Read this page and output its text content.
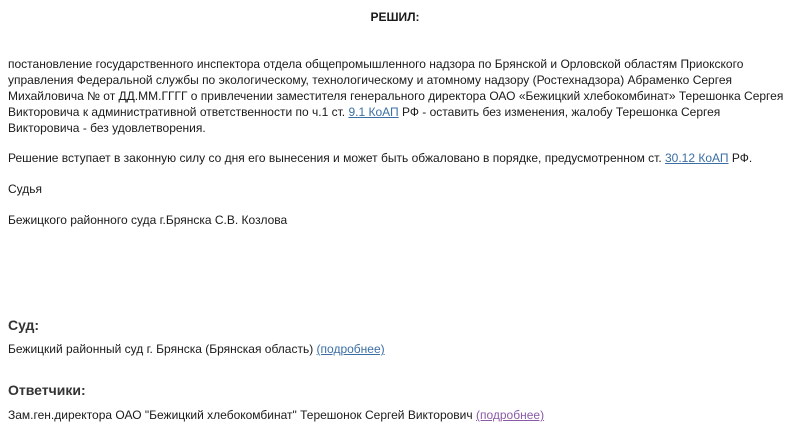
РЕШИЛ:

постановление государственного инспектора отдела общепромышленного надзора по Брянской и Орловской областям Приокского управления Федеральной службы по экологическому, технологическому и атомному надзору (Ростехнадзора) Абраменко Сергея Михайловича № от ДД.ММ.ГГГГ о привлечении заместителя генерального директора ОАО «Бежицкий хлебокомбинат» Терешонка Сергея Викторовича к административной ответственности по ч.1 ст. 9.1 КоАП РФ - оставить без изменения, жалобу Терешонка Сергея Викторовича - без удовлетворения.

Решение вступает в законную силу со дня его вынесения и может быть обжаловано в порядке, предусмотренном ст. 30.12 КоАП РФ.

Судья

Бежицкого районного суда г.Брянска С.В. Козлова

Суд:
Бежицкий районный суд г. Брянска (Брянская область) (подробнее)
Ответчики:
Зам.ген.директора ОАО "Бежицкий хлебокомбинат" Терешонок Сергей Викторович (подробнее)
